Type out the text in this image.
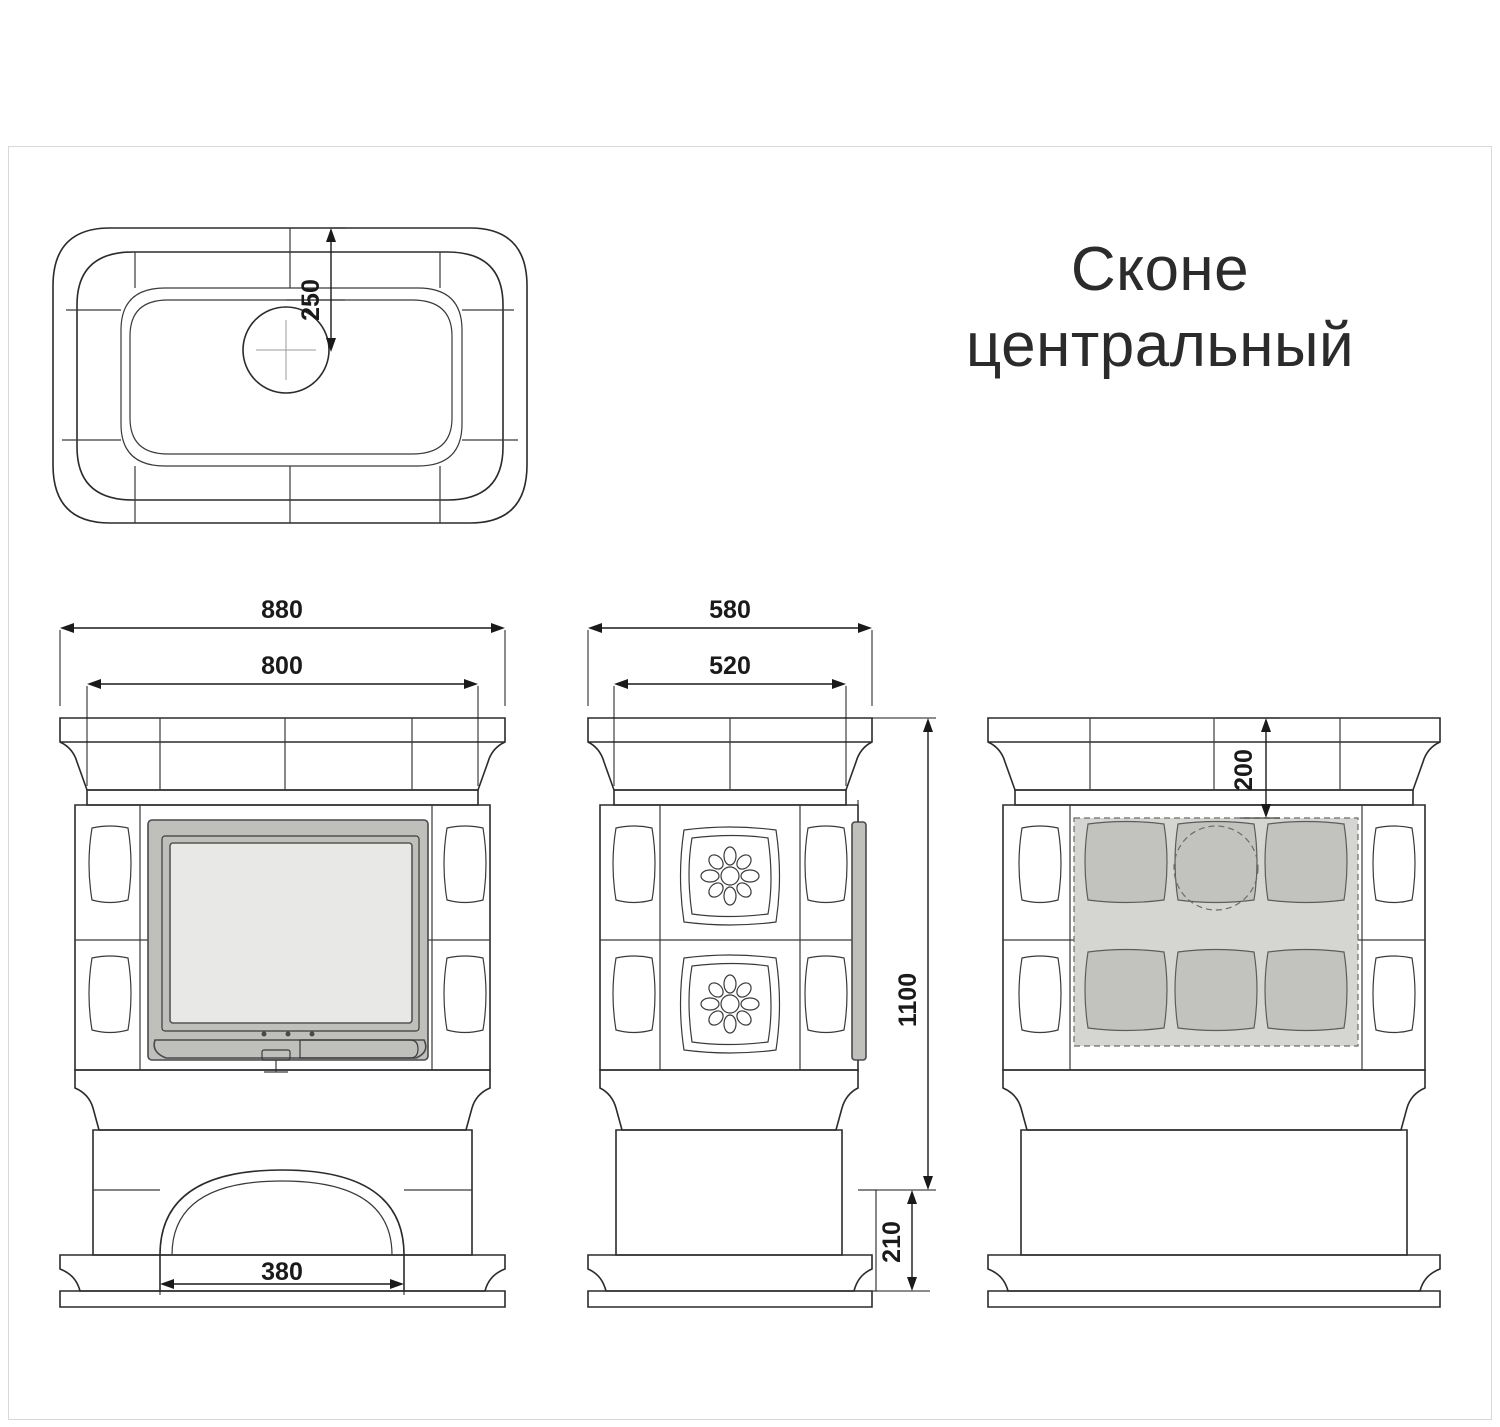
Сконе
центральный
250
880
800
380
580
520
1100
210
200
